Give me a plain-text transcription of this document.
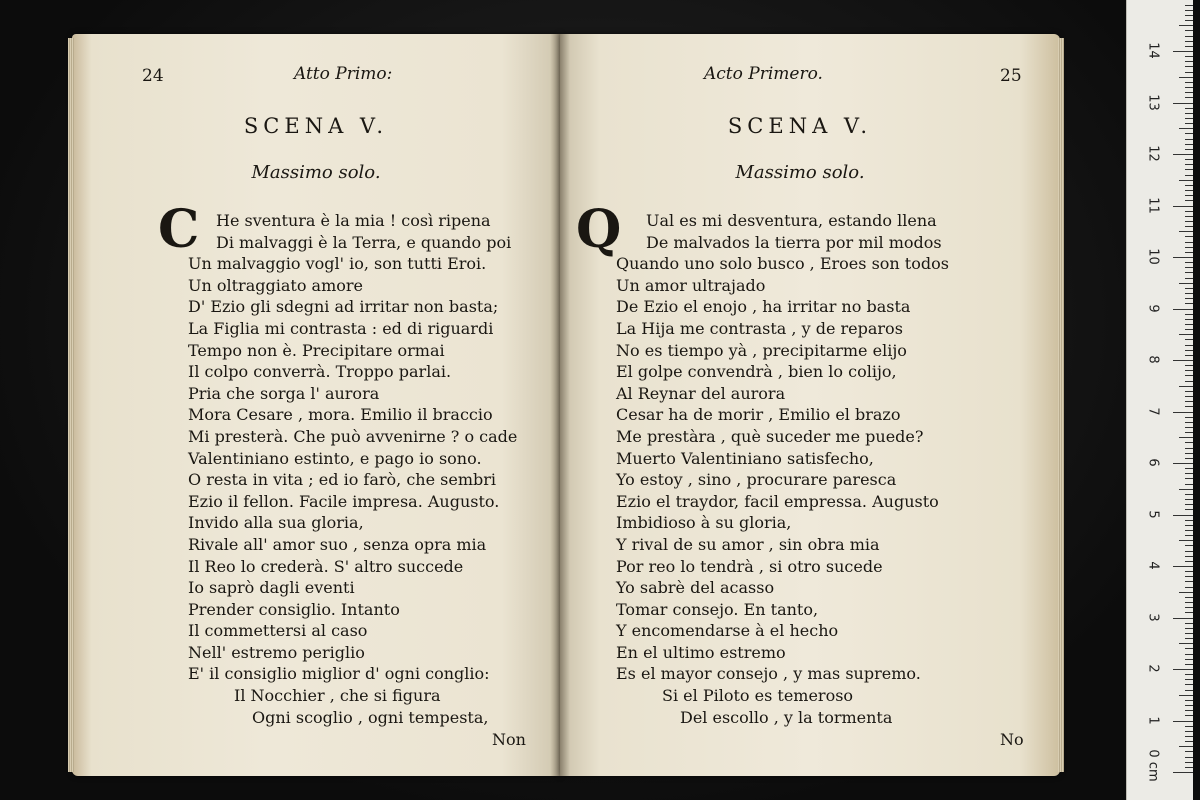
24	Atto Primo:
SCENA V.
Massimo solo.
C	He sventura è la mia ! così ripena
Di malvaggi è la Terra, e quando poi
Un malvaggio vogl' io, son tutti Eroi.
Un oltraggiato amore
D' Ezio gli sdegni ad irritar non basta;
La Figlia mi contrasta : ed di riguardi
Tempo non è. Precipitare ormai
Il colpo converrà. Troppo parlai.
Pria che sorga l' aurora
Mora Cesare , mora. Emilio il braccio
Mi presterà. Che può avvenirne ? o cade
Valentiniano estinto, e pago io sono.
O resta in vita ; ed io farò, che sembri
Ezio il fellon. Facile impresa. Augusto.
Invido alla sua gloria,
Rivale all' amor suo , senza opra mia
Il Reo lo crederà. S' altro succede
Io saprò dagli eventi
Prender consiglio. Intanto
Il commettersi al caso
Nell' estremo periglio
E' il consiglio miglior d' ogni conglio:
Il Nocchier , che si figura
Ogni scoglio , ogni tempesta,
Non
Acto Primero.	25
SCENA V.
Massimo solo.
Q	Ual es mi desventura, estando llena
De malvados la tierra por mil modos
Quando uno solo busco , Eroes son todos
Un amor ultrajado
De Ezio el enojo , ha irritar no basta
La Hija me contrasta , y de reparos
No es tiempo yà , precipitarme elijo
El golpe convendrà , bien lo colijo,
Al Reynar del aurora
Cesar ha de morir , Emilio el brazo
Me prestàra , què suceder me puede?
Muerto Valentiniano satisfecho,
Yo estoy , sino , procurare paresca
Ezio el traydor, facil empressa. Augusto
Imbidioso à su gloria,
Y rival de su amor , sin obra mia
Por reo lo tendrà , si otro sucede
Yo sabrè del acasso
Tomar consejo. En tanto,
Y encomendarse à el hecho
En el ultimo estremo
Es el mayor consejo , y mas supremo.
Si el Piloto es temeroso
Del escollo , y la tormenta
No
14
13
12
11
10
9
8
7
6
5
4
3
2
1
0 cm
